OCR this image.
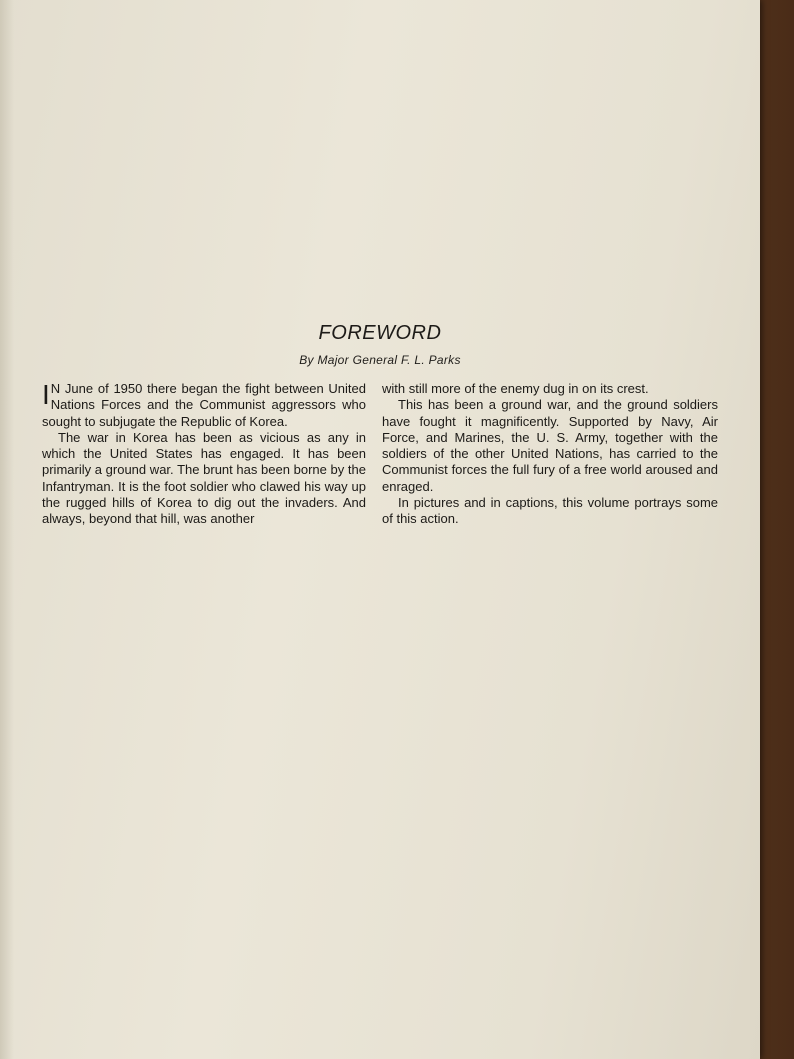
FOREWORD
By Major General F. L. Parks

I N June of 1950 there began the fight between United Nations Forces and the Communist aggressors who sought to subjugate the Republic of Korea.

The war in Korea has been as vicious as any in which the United States has engaged. It has been primarily a ground war. The brunt has been borne by the Infantryman. It is the foot soldier who clawed his way up the rugged hills of Korea to dig out the invaders. And always, beyond that hill, was another

with still more of the enemy dug in on its crest.

This has been a ground war, and the ground soldiers have fought it magnificently. Supported by Navy, Air Force, and Marines, the U. S. Army, together with the soldiers of the other United Nations, has carried to the Communist forces the full fury of a free world aroused and enraged.

In pictures and in captions, this volume portrays some of this action.
